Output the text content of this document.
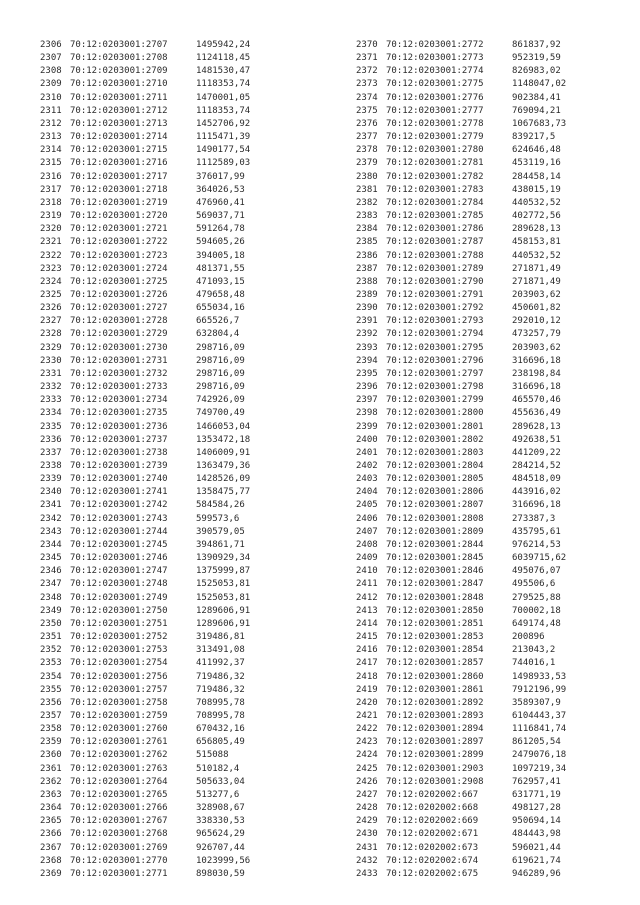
2306 70:12:0203001:2707	1495942,24
2307 70:12:0203001:2708	1124118,45
2308 70:12:0203001:2709	1481530,47
2309 70:12:0203001:2710	1118353,74
2310 70:12:0203001:2711	1470001,05
2311 70:12:0203001:2712	1118353,74
2312 70:12:0203001:2713	1452706,92
2313 70:12:0203001:2714	1115471,39
2314 70:12:0203001:2715	1490177,54
2315 70:12:0203001:2716	1112589,03
2316 70:12:0203001:2717	376017,99
2317 70:12:0203001:2718	364026,53
2318 70:12:0203001:2719	476960,41
2319 70:12:0203001:2720	569037,71
2320 70:12:0203001:2721	591264,78
2321 70:12:0203001:2722	594605,26
2322 70:12:0203001:2723	394005,18
2323 70:12:0203001:2724	481371,55
2324 70:12:0203001:2725	471093,15
2325 70:12:0203001:2726	479658,48
2326 70:12:0203001:2727	655034,16
2327 70:12:0203001:2728	665526,7
2328 70:12:0203001:2729	632804,4
2329 70:12:0203001:2730	298716,09
2330 70:12:0203001:2731	298716,09
2331 70:12:0203001:2732	298716,09
2332 70:12:0203001:2733	298716,09
2333 70:12:0203001:2734	742926,09
2334 70:12:0203001:2735	749700,49
2335 70:12:0203001:2736	1466053,04
2336 70:12:0203001:2737	1353472,18
2337 70:12:0203001:2738	1406009,91
2338 70:12:0203001:2739	1363479,36
2339 70:12:0203001:2740	1428526,09
2340 70:12:0203001:2741	1358475,77
2341 70:12:0203001:2742	584584,26
2342 70:12:0203001:2743	599573,6
2343 70:12:0203001:2744	390579,05
2344 70:12:0203001:2745	394861,71
2345 70:12:0203001:2746	1390929,34
2346 70:12:0203001:2747	1375999,87
2347 70:12:0203001:2748	1525053,81
2348 70:12:0203001:2749	1525053,81
2349 70:12:0203001:2750	1289606,91
2350 70:12:0203001:2751	1289606,91
2351 70:12:0203001:2752	319486,81
2352 70:12:0203001:2753	313491,08
2353 70:12:0203001:2754	411992,37
2354 70:12:0203001:2756	719486,32
2355 70:12:0203001:2757	719486,32
2356 70:12:0203001:2758	708995,78
2357 70:12:0203001:2759	708995,78
2358 70:12:0203001:2760	670432,16
2359 70:12:0203001:2761	656805,49
2360 70:12:0203001:2762	515088
2361 70:12:0203001:2763	510182,4
2362 70:12:0203001:2764	505633,04
2363 70:12:0203001:2765	513277,6
2364 70:12:0203001:2766	328908,67
2365 70:12:0203001:2767	338330,53
2366 70:12:0203001:2768	965624,29
2367 70:12:0203001:2769	926707,44
2368 70:12:0203001:2770	1023999,56
2369 70:12:0203001:2771	898030,59
2370 70:12:0203001:2772	861837,92
2371 70:12:0203001:2773	952319,59
2372 70:12:0203001:2774	826983,02
2373 70:12:0203001:2775	1148047,02
2374 70:12:0203001:2776	902384,41
2375 70:12:0203001:2777	769094,21
2376 70:12:0203001:2778	1067683,73
2377 70:12:0203001:2779	839217,5
2378 70:12:0203001:2780	624646,48
2379 70:12:0203001:2781	453119,16
2380 70:12:0203001:2782	284458,14
2381 70:12:0203001:2783	438015,19
2382 70:12:0203001:2784	440532,52
2383 70:12:0203001:2785	402772,56
2384 70:12:0203001:2786	289628,13
2385 70:12:0203001:2787	458153,81
2386 70:12:0203001:2788	440532,52
2387 70:12:0203001:2789	271871,49
2388 70:12:0203001:2790	271871,49
2389 70:12:0203001:2791	203903,62
2390 70:12:0203001:2792	450601,82
2391 70:12:0203001:2793	292010,12
2392 70:12:0203001:2794	473257,79
2393 70:12:0203001:2795	203903,62
2394 70:12:0203001:2796	316696,18
2395 70:12:0203001:2797	238198,84
2396 70:12:0203001:2798	316696,18
2397 70:12:0203001:2799	465570,46
2398 70:12:0203001:2800	455636,49
2399 70:12:0203001:2801	289628,13
2400 70:12:0203001:2802	492638,51
2401 70:12:0203001:2803	441209,22
2402 70:12:0203001:2804	284214,52
2403 70:12:0203001:2805	484518,09
2404 70:12:0203001:2806	443916,02
2405 70:12:0203001:2807	316696,18
2406 70:12:0203001:2808	273387,3
2407 70:12:0203001:2809	435795,61
2408 70:12:0203001:2844	976214,53
2409 70:12:0203001:2845	6039715,62
2410 70:12:0203001:2846	495076,07
2411 70:12:0203001:2847	495506,6
2412 70:12:0203001:2848	279525,88
2413 70:12:0203001:2850	700002,18
2414 70:12:0203001:2851	649174,48
2415 70:12:0203001:2853	200896
2416 70:12:0203001:2854	213043,2
2417 70:12:0203001:2857	744016,1
2418 70:12:0203001:2860	1498933,53
2419 70:12:0203001:2861	7912196,99
2420 70:12:0203001:2892	3589307,9
2421 70:12:0203001:2893	6104443,37
2422 70:12:0203001:2894	1116841,74
2423 70:12:0203001:2897	861205,54
2424 70:12:0203001:2899	2479076,18
2425 70:12:0203001:2903	1097219,34
2426 70:12:0203001:2908	762957,41
2427 70:12:0202002:667	631771,19
2428 70:12:0202002:668	498127,28
2429 70:12:0202002:669	950694,14
2430 70:12:0202002:671	484443,98
2431 70:12:0202002:673	596021,44
2432 70:12:0202002:674	619621,74
2433 70:12:0202002:675	946289,96
